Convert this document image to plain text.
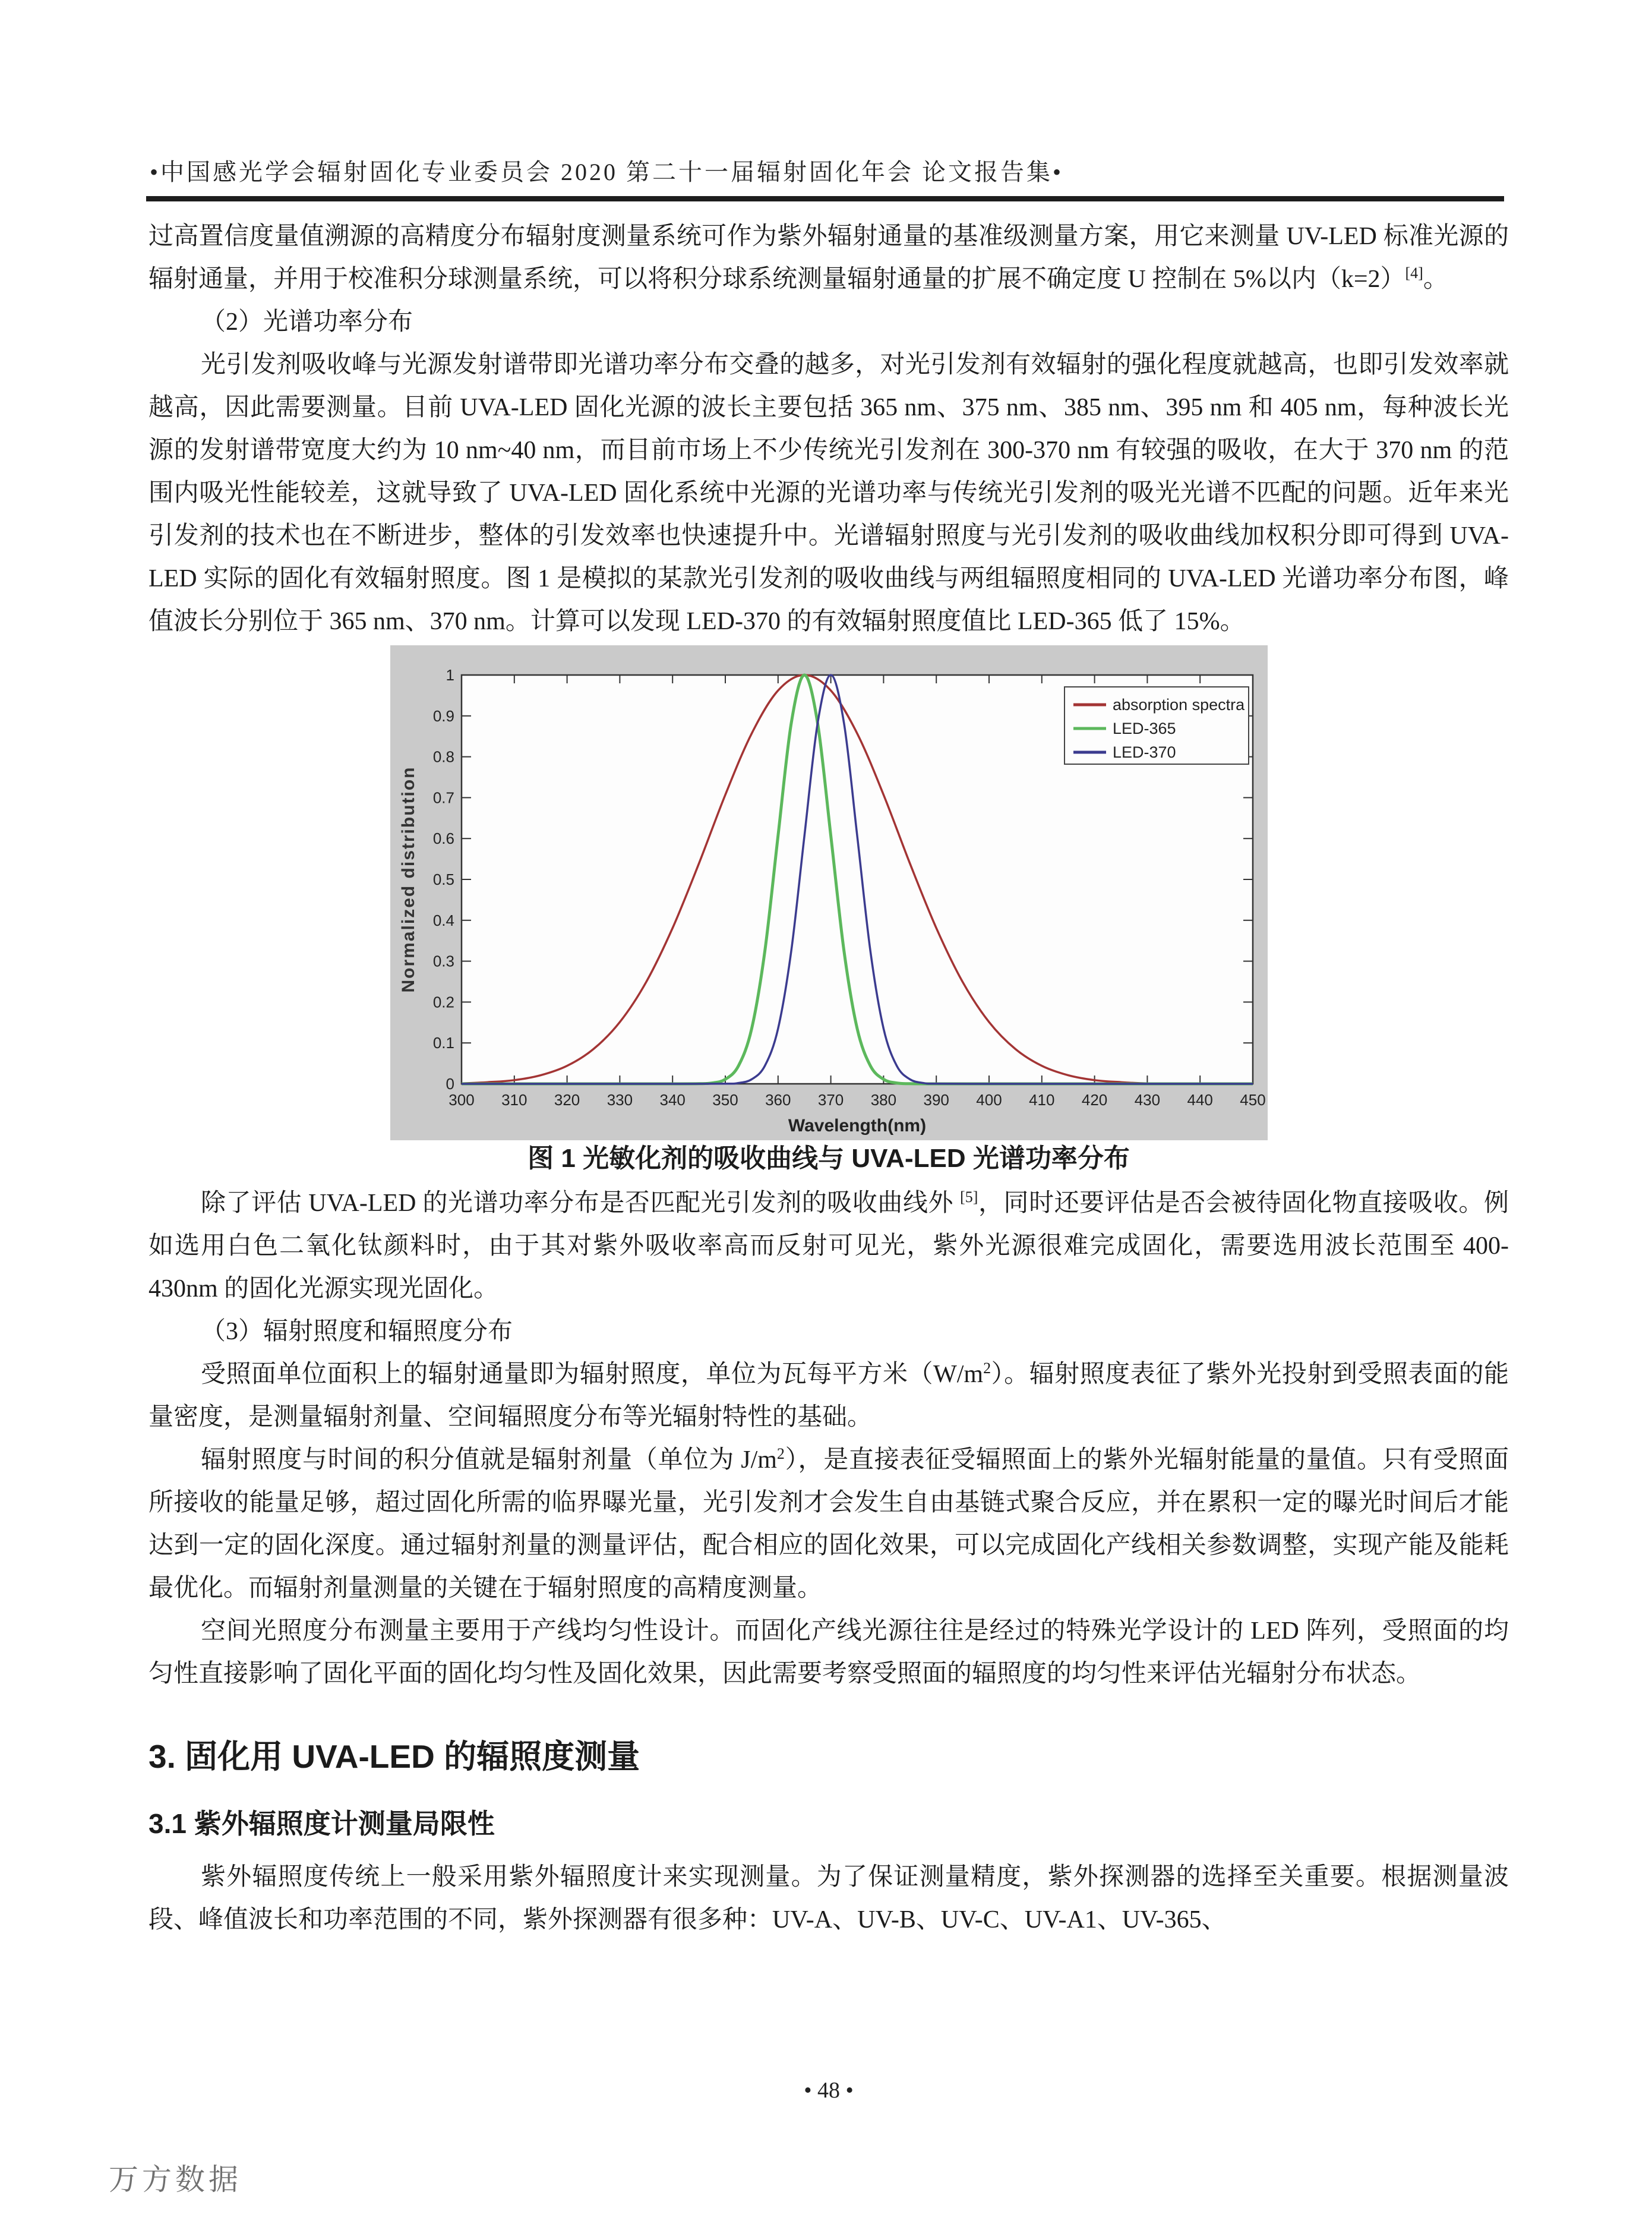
•中国感光学会辐射固化专业委员会 2020 第二十一届辐射固化年会 论文报告集•

过高置信度量值溯源的高精度分布辐射度测量系统可作为紫外辐射通量的基准级测量方案，用它来测量 UV-LED 标准光源的辐射通量，并用于校准积分球测量系统，可以将积分球系统测量辐射通量的扩展不确定度 U 控制在 5%以内（k=2）[4]。

（2）光谱功率分布

光引发剂吸收峰与光源发射谱带即光谱功率分布交叠的越多，对光引发剂有效辐射的强化程度就越高，也即引发效率就越高，因此需要测量。目前 UVA-LED 固化光源的波长主要包括 365 nm、375 nm、385 nm、395 nm 和 405 nm，每种波长光源的发射谱带宽度大约为 10 nm~40 nm，而目前市场上不少传统光引发剂在 300-370 nm 有较强的吸收，在大于 370 nm 的范围内吸光性能较差，这就导致了 UVA-LED 固化系统中光源的光谱功率与传统光引发剂的吸光光谱不匹配的问题。近年来光引发剂的技术也在不断进步，整体的引发效率也快速提升中。光谱辐射照度与光引发剂的吸收曲线加权积分即可得到 UVA-LED 实际的固化有效辐射照度。图 1 是模拟的某款光引发剂的吸收曲线与两组辐照度相同的 UVA-LED 光谱功率分布图，峰值波长分别位于 365 nm、370 nm。计算可以发现 LED-370 的有效辐射照度值比 LED-365 低了 15%。

300 310 320 330 340 350 360 370 380 390 400 410 420 430 440 450
0
0.1
0.2
0.3
0.4
0.5
0.6
0.7
0.8
0.9
1
Wavelength(nm)
Normalized distribution
absorption spectra
LED-365
LED-370

图 1 光敏化剂的吸收曲线与 UVA-LED 光谱功率分布

除了评估 UVA-LED 的光谱功率分布是否匹配光引发剂的吸收曲线外 [5]，同时还要评估是否会被待固化物直接吸收。例如选用白色二氧化钛颜料时，由于其对紫外吸收率高而反射可见光，紫外光源很难完成固化，需要选用波长范围至 400-430nm 的固化光源实现光固化。

（3）辐射照度和辐照度分布

受照面单位面积上的辐射通量即为辐射照度，单位为瓦每平方米$(W/m^2)$。辐射照度表征了紫外光投射到受照表面的能量密度，是测量辐射剂量、空间辐照度分布等光辐射特性的基础。

辐射照度与时间的积分值就是辐射剂量（单位为 $J/m^2$），是直接表征受辐照面上的紫外光辐射能量的量值。只有受照面所接收的能量足够，超过固化所需的临界曝光量，光引发剂才会发生自由基链式聚合反应，并在累积一定的曝光时间后才能达到一定的固化深度。通过辐射剂量的测量评估，配合相应的固化效果，可以完成固化产线相关参数调整，实现产能及能耗最优化。而辐射剂量测量的关键在于辐射照度的高精度测量。

空间光照度分布测量主要用于产线均匀性设计。而固化产线光源往往是经过的特殊光学设计的 LED 阵列，受照面的均匀性直接影响了固化平面的固化均匀性及固化效果，因此需要考察受照面的辐照度的均匀性来评估光辐射分布状态。

3. 固化用 UVA-LED 的辐照度测量

3.1 紫外辐照度计测量局限性

紫外辐照度传统上一般采用紫外辐照度计来实现测量。为了保证测量精度，紫外探测器的选择至关重要。根据测量波段、峰值波长和功率范围的不同，紫外探测器有很多种：UV-A、UV-B、UV-C、UV-A1、UV-365、

• 48 •
万方数据
